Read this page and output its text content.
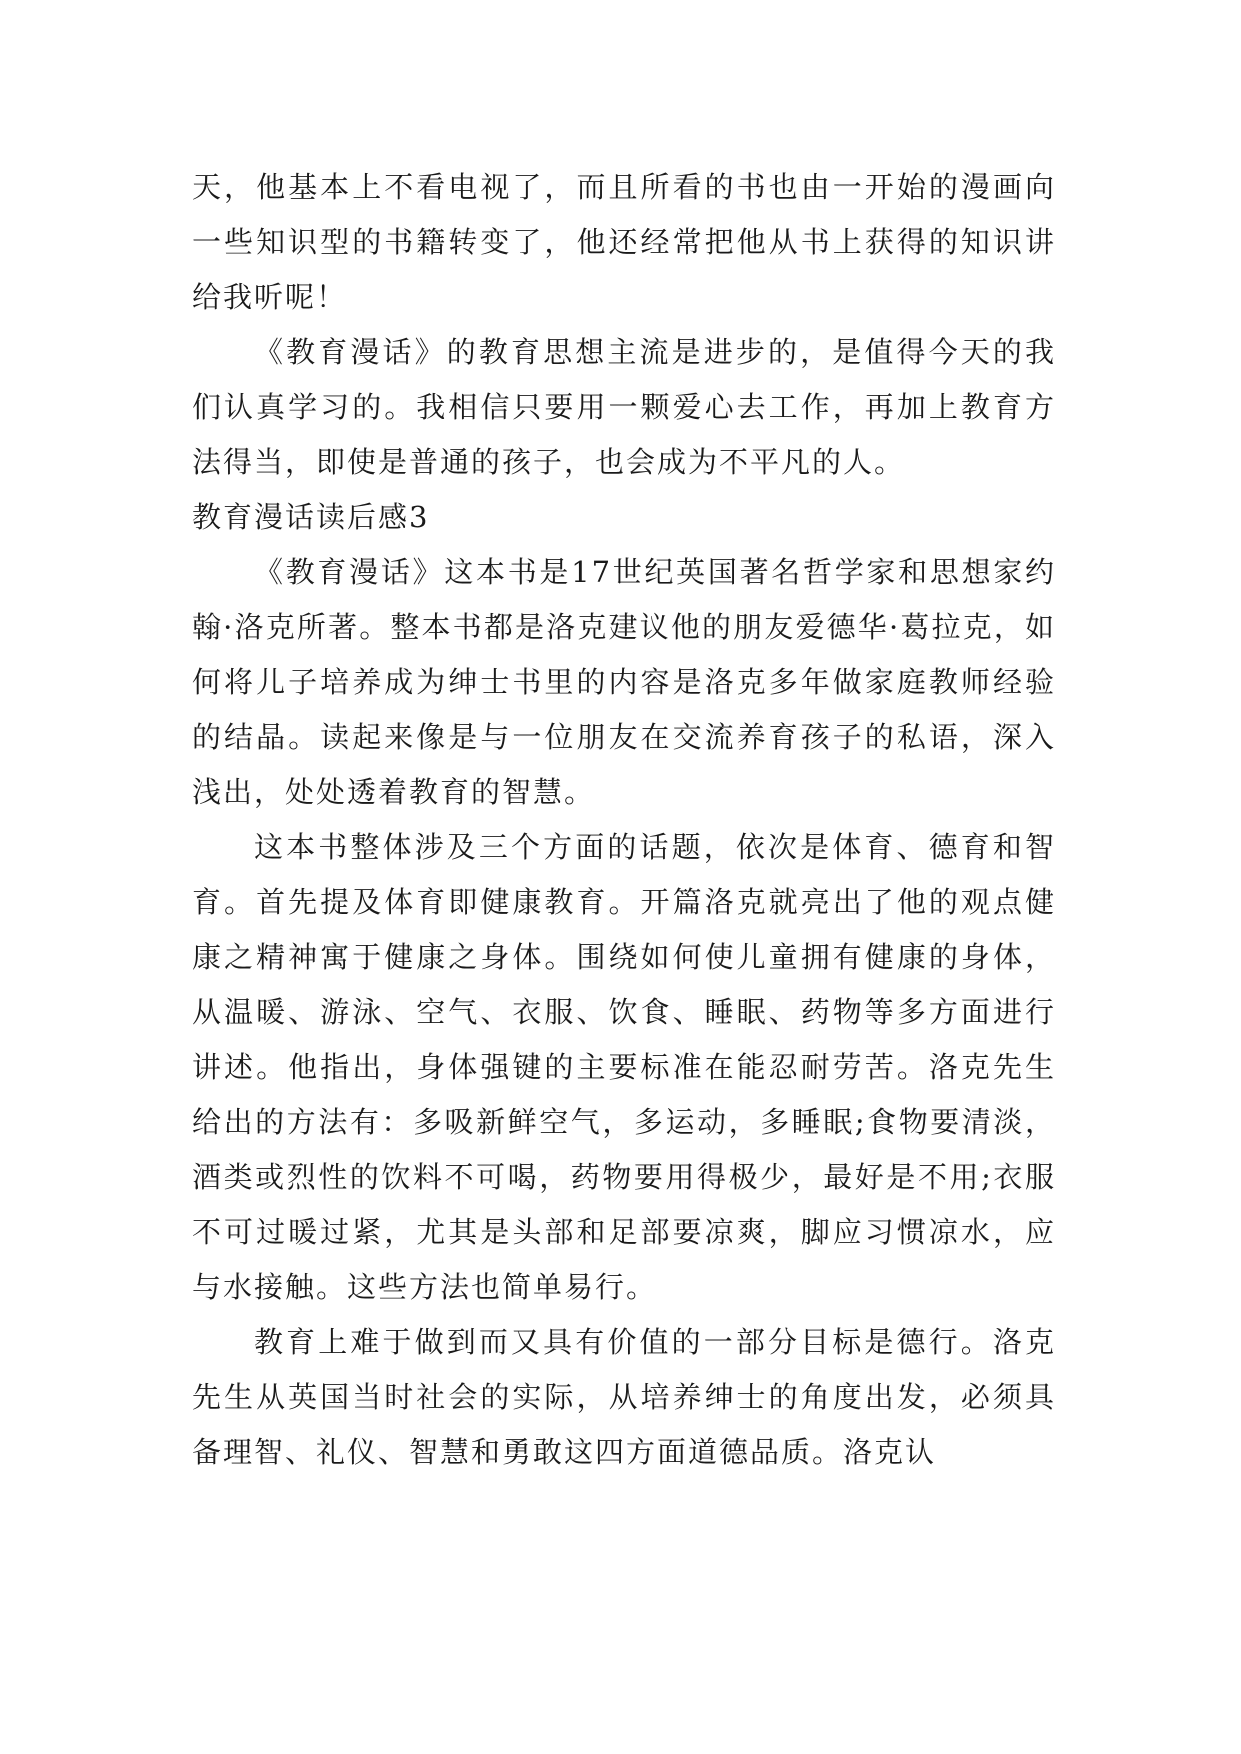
天，他基本上不看电视了，而且所看的书也由一开始的漫画向一些知识型的书籍转变了，他还经常把他从书上获得的知识讲给我听呢！

《教育漫话》的教育思想主流是进步的，是值得今天的我们认真学习的。我相信只要用一颗爱心去工作，再加上教育方法得当，即使是普通的孩子，也会成为不平凡的人。

教育漫话读后感3

《教育漫话》这本书是17世纪英国著名哲学家和思想家约翰·洛克所著。整本书都是洛克建议他的朋友爱德华·葛拉克，如何将儿子培养成为绅士书里的内容是洛克多年做家庭教师经验的结晶。读起来像是与一位朋友在交流养育孩子的私语，深入浅出，处处透着教育的智慧。

这本书整体涉及三个方面的话题，依次是体育、德育和智育。首先提及体育即健康教育。开篇洛克就亮出了他的观点健康之精神寓于健康之身体。围绕如何使儿童拥有健康的身体，从温暖、游泳、空气、衣服、饮食、睡眠、药物等多方面进行讲述。他指出，身体强键的主要标准在能忍耐劳苦。洛克先生给出的方法有：多吸新鲜空气，多运动，多睡眠;食物要清淡，酒类或烈性的饮料不可喝，药物要用得极少，最好是不用;衣服不可过暖过紧，尤其是头部和足部要凉爽，脚应习惯凉水，应与水接触。这些方法也简单易行。

教育上难于做到而又具有价值的一部分目标是德行。洛克先生从英国当时社会的实际，从培养绅士的角度出发，必须具备理智、礼仪、智慧和勇敢这四方面道德品质。洛克认
